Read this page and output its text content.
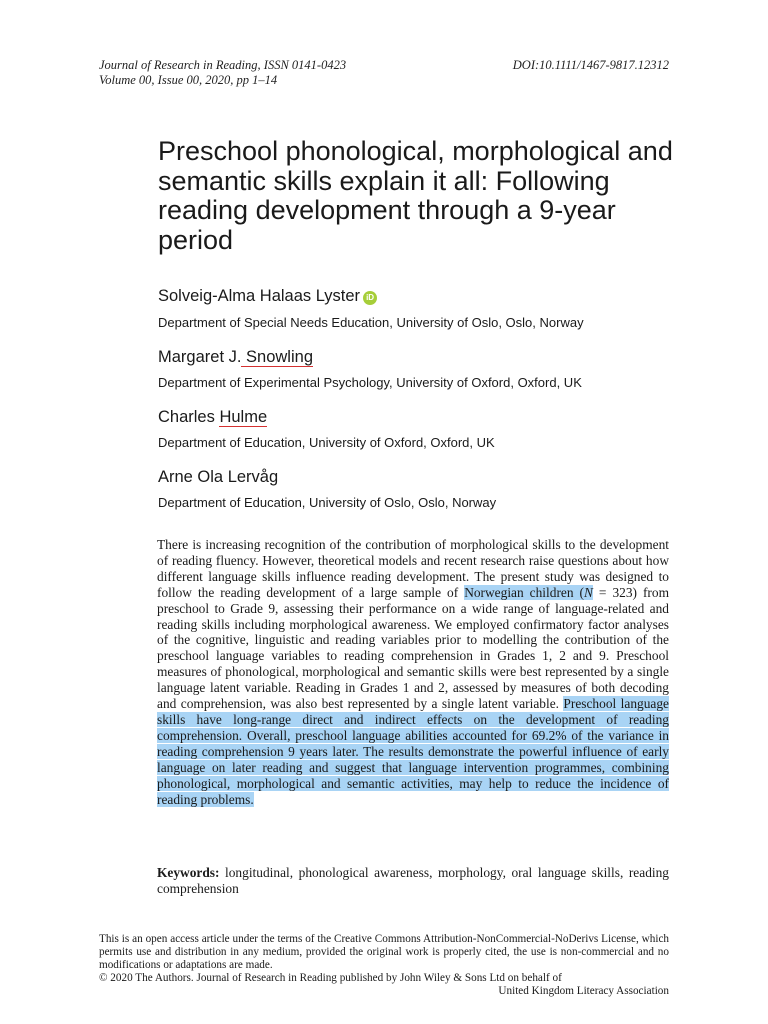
Journal of Research in Reading, ISSN 0141-0423
Volume 00, Issue 00, 2020, pp 1–14
DOI:10.1111/1467-9817.12312
Preschool phonological, morphological and semantic skills explain it all: Following reading development through a 9-year period
Solveig-Alma Halaas Lyster iD
Department of Special Needs Education, University of Oslo, Oslo, Norway
Margaret J. Snowling
Department of Experimental Psychology, University of Oxford, Oxford, UK
Charles Hulme
Department of Education, University of Oxford, Oxford, UK
Arne Ola Lervåg
Department of Education, University of Oslo, Oslo, Norway
There is increasing recognition of the contribution of morphological skills to the development of reading fluency. However, theoretical models and recent research raise questions about how different language skills influence reading development. The present study was designed to follow the reading development of a large sample of Norwegian children (N = 323) from preschool to Grade 9, assessing their performance on a wide range of language-related and reading skills including morphological awareness. We employed confirmatory factor analyses of the cognitive, linguistic and reading variables prior to modelling the contribution of the preschool language variables to reading comprehension in Grades 1, 2 and 9. Preschool measures of phonological, morphological and semantic skills were best represented by a single language latent variable. Reading in Grades 1 and 2, assessed by measures of both decoding and comprehension, was also best represented by a single latent variable. Preschool language skills have long-range direct and indirect effects on the development of reading comprehension. Overall, preschool language abilities accounted for 69.2% of the variance in reading comprehension 9 years later. The results demonstrate the powerful influence of early language on later reading and suggest that language intervention programmes, combining phonological, morphological and semantic activities, may help to reduce the incidence of reading problems.
Keywords: longitudinal, phonological awareness, morphology, oral language skills, reading comprehension
This is an open access article under the terms of the Creative Commons Attribution-NonCommercial-NoDerivs License, which permits use and distribution in any medium, provided the original work is properly cited, the use is non-commercial and no modifications or adaptations are made.
© 2020 The Authors. Journal of Research in Reading published by John Wiley & Sons Ltd on behalf of
United Kingdom Literacy Association
